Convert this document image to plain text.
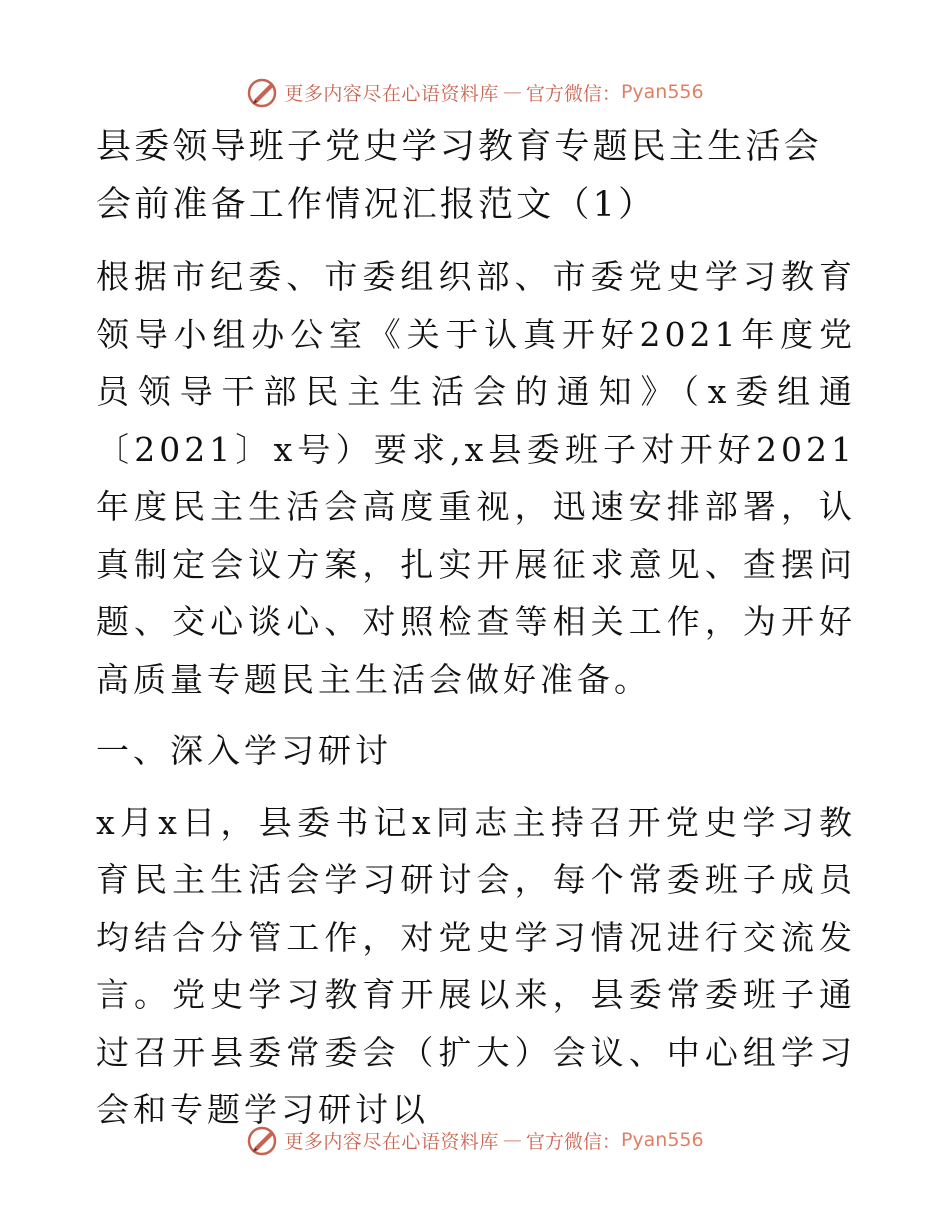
更多内容尽在心语资料库 — 官方微信： Pyan556
县委领导班子党史学习教育专题民主生活会会前准备工作情况汇报范文（1）

根据市纪委、市委组织部、市委党史学习教育领导小组办公室《关于认真开好2021年度党员领导干部民主生活会的通知》（x委组通〔2021〕x号）要求,x县委班子对开好2021年度民主生活会高度重视，迅速安排部署，认真制定会议方案，扎实开展征求意见、查摆问题、交心谈心、对照检查等相关工作，为开好高质量专题民主生活会做好准备。

一、深入学习研讨

x月x日，县委书记x同志主持召开党史学习教育民主生活会学习研讨会，每个常委班子成员均结合分管工作，对党史学习情况进行交流发言。党史学习教育开展以来，县委常委班子通过召开县委常委会（扩大）会议、中心组学习会和专题学习研讨以

更多内容尽在心语资料库 — 官方微信： Pyan556
